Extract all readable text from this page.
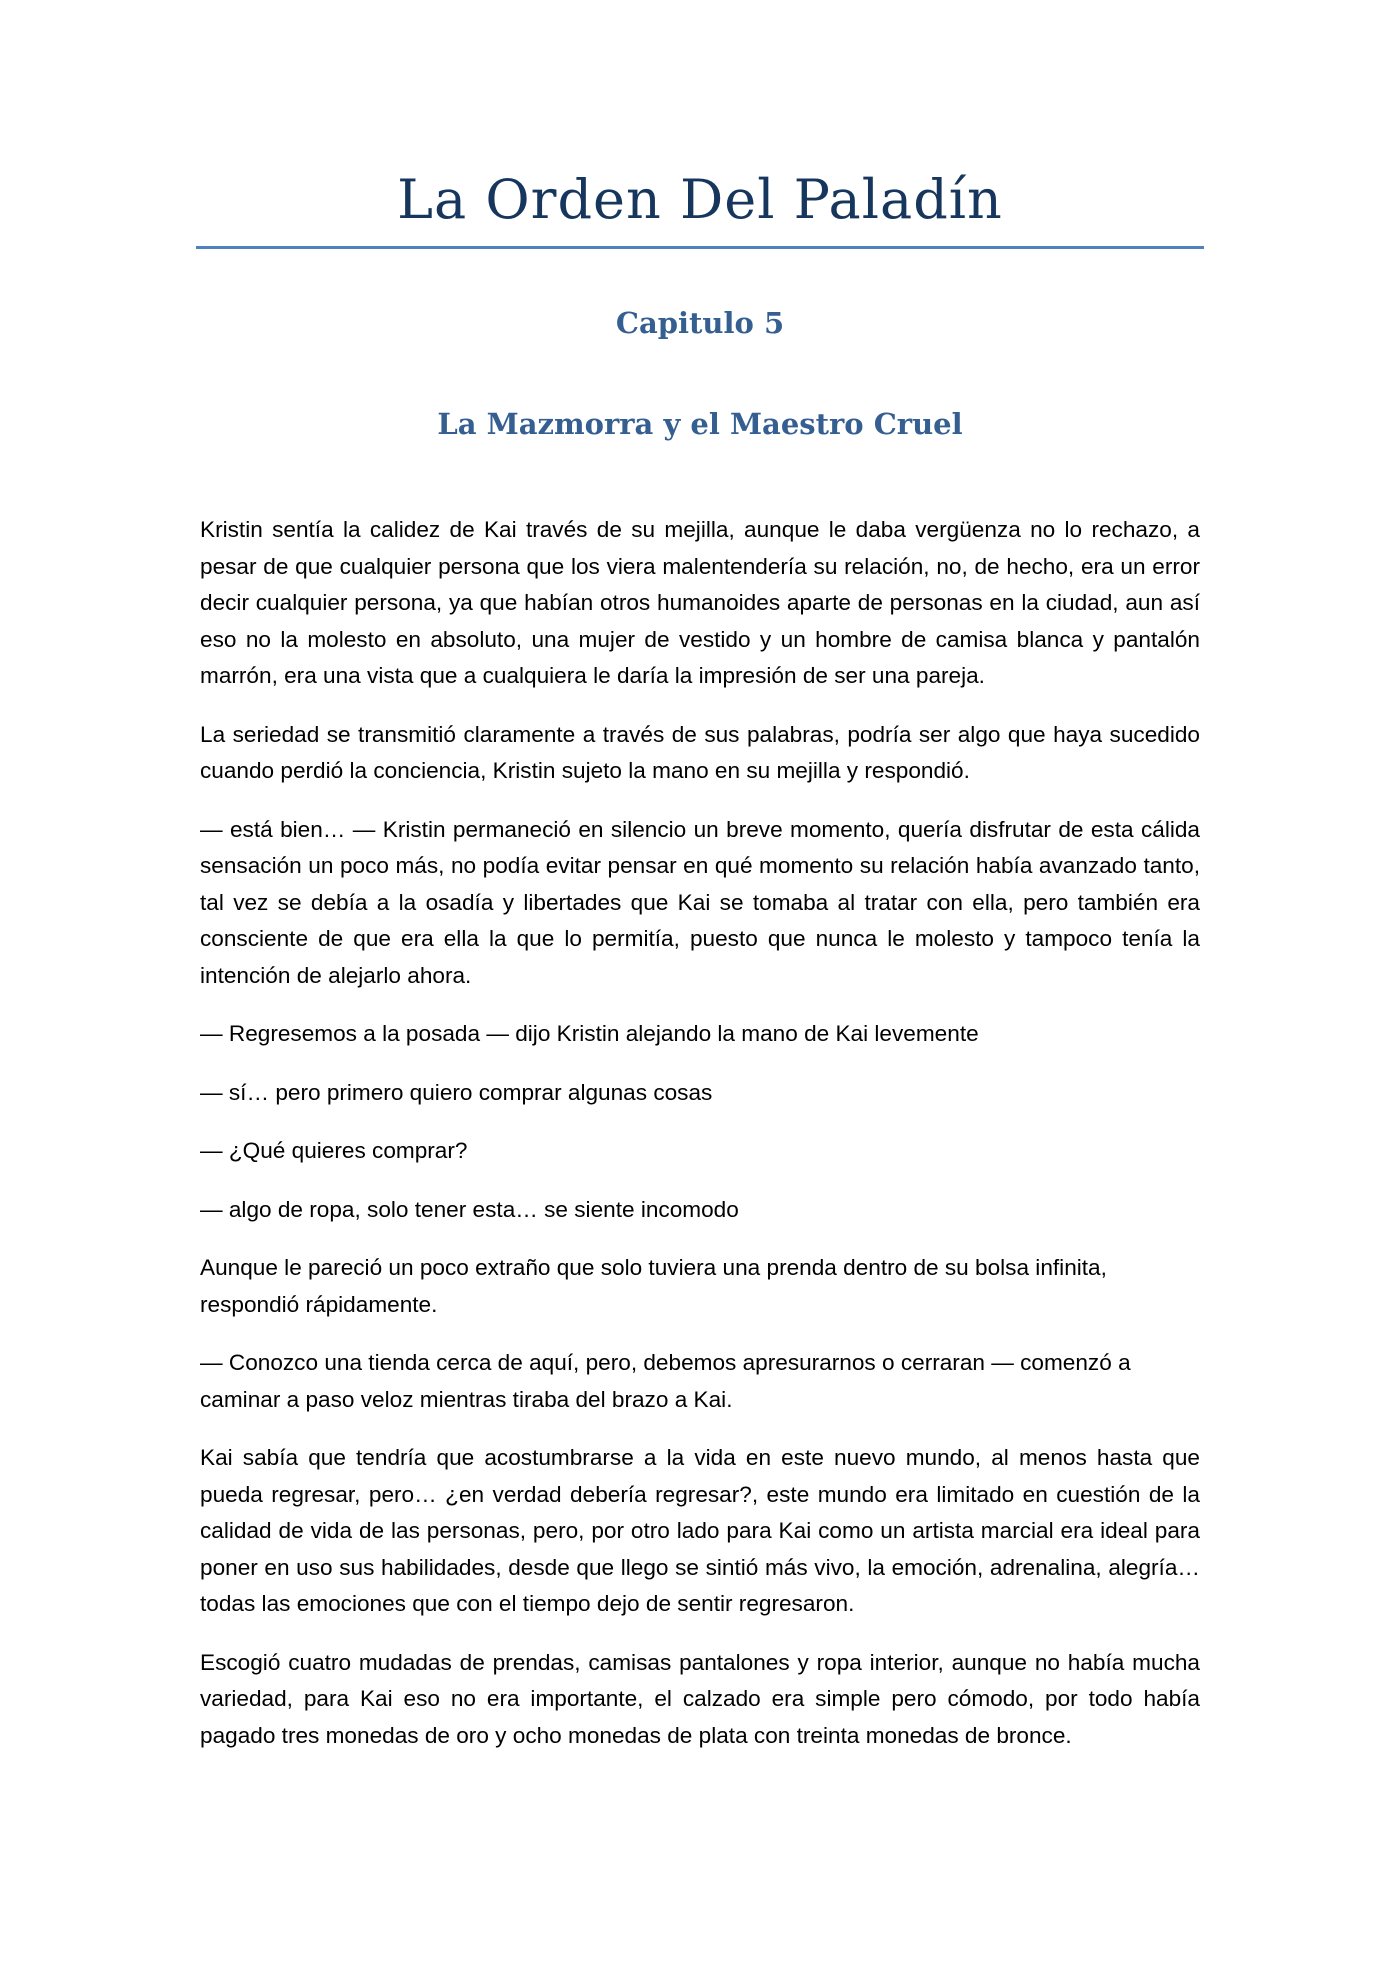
La Orden Del Paladín
Capitulo 5
La Mazmorra y el Maestro Cruel

Kristin sentía la calidez de Kai través de su mejilla, aunque le daba vergüenza no lo rechazo, a pesar de que cualquier persona que los viera malentendería su relación, no, de hecho, era un error decir cualquier persona, ya que habían otros humanoides aparte de personas en la ciudad, aun así eso no la molesto en absoluto, una mujer de vestido y un hombre de camisa blanca y pantalón marrón, era una vista que a cualquiera le daría la impresión de ser una pareja.

La seriedad se transmitió claramente a través de sus palabras, podría ser algo que haya sucedido cuando perdió la conciencia, Kristin sujeto la mano en su mejilla y respondió.

— está bien… — Kristin permaneció en silencio un breve momento, quería disfrutar de esta cálida sensación un poco más, no podía evitar pensar en qué momento su relación había avanzado tanto, tal vez se debía a la osadía y libertades que Kai se tomaba al tratar con ella, pero también era consciente de que era ella la que lo permitía, puesto que nunca le molesto y tampoco tenía la intención de alejarlo ahora.

— Regresemos a la posada — dijo Kristin alejando la mano de Kai levemente

— sí… pero primero quiero comprar algunas cosas

— ¿Qué quieres comprar?

— algo de ropa, solo tener esta… se siente incomodo

Aunque le pareció un poco extraño que solo tuviera una prenda dentro de su bolsa infinita, respondió rápidamente.

— Conozco una tienda cerca de aquí, pero, debemos apresurarnos o cerraran — comenzó a caminar a paso veloz mientras tiraba del brazo a Kai.

Kai sabía que tendría que acostumbrarse a la vida en este nuevo mundo, al menos hasta que pueda regresar, pero… ¿en verdad debería regresar?, este mundo era limitado en cuestión de la calidad de vida de las personas, pero, por otro lado para Kai como un artista marcial era ideal para poner en uso sus habilidades, desde que llego se sintió más vivo, la emoción, adrenalina, alegría… todas las emociones que con el tiempo dejo de sentir regresaron.

Escogió cuatro mudadas de prendas, camisas pantalones y ropa interior, aunque no había mucha variedad, para Kai eso no era importante, el calzado era simple pero cómodo, por todo había pagado tres monedas de oro y ocho monedas de plata con treinta monedas de bronce.
